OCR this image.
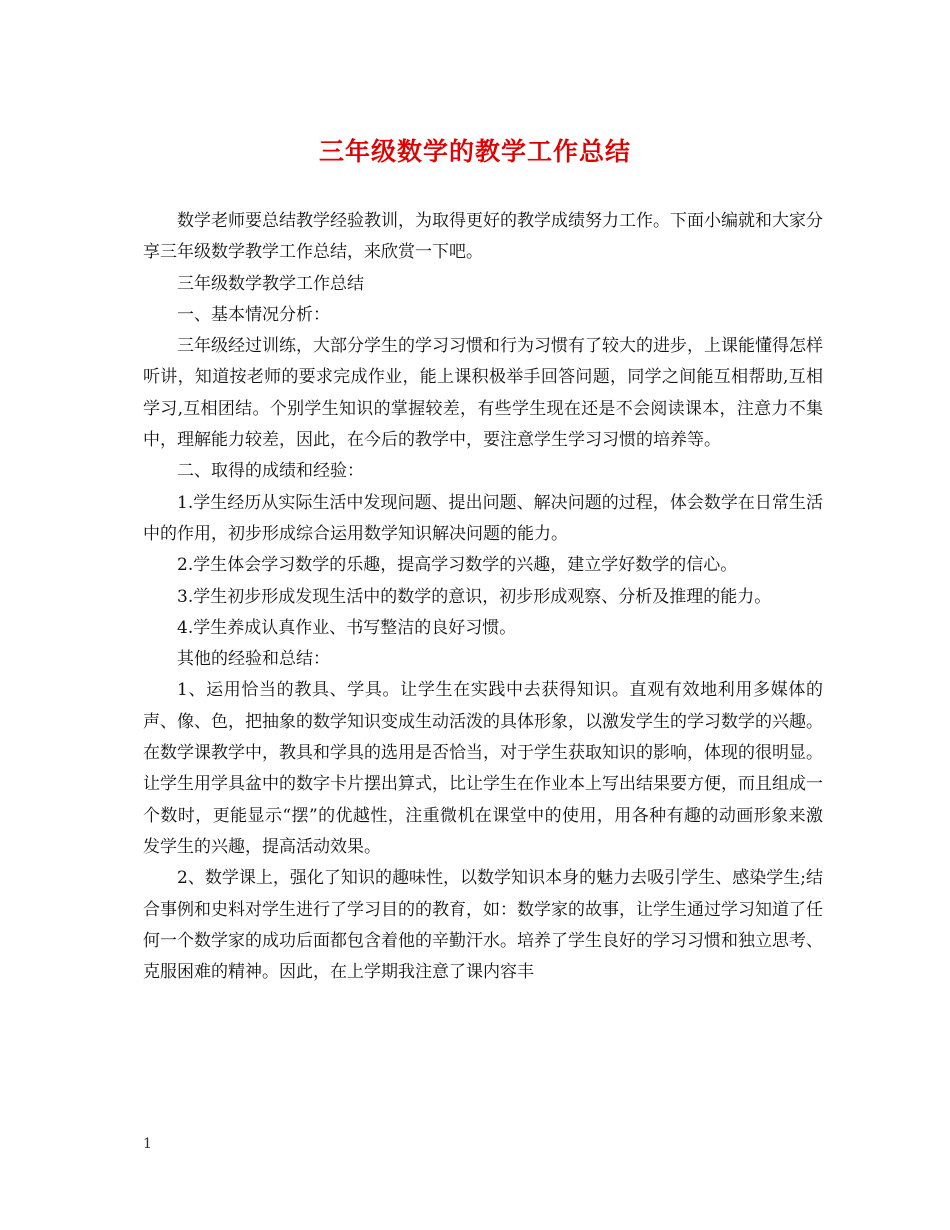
三年级数学的教学工作总结

数学老师要总结教学经验教训，为取得更好的教学成绩努力工作。下面小编就和大家分享三年级数学教学工作总结，来欣赏一下吧。

三年级数学教学工作总结

一、基本情况分析：

三年级经过训练，大部分学生的学习习惯和行为习惯有了较大的进步，上课能懂得怎样听讲，知道按老师的要求完成作业，能上课积极举手回答问题，同学之间能互相帮助,互相学习,互相团结。个别学生知识的掌握较差，有些学生现在还是不会阅读课本，注意力不集中，理解能力较差，因此，在今后的教学中，要注意学生学习习惯的培养等。

二、取得的成绩和经验：

1.学生经历从实际生活中发现问题、提出问题、解决问题的过程，体会数学在日常生活中的作用，初步形成综合运用数学知识解决问题的能力。

2.学生体会学习数学的乐趣，提高学习数学的兴趣，建立学好数学的信心。

3.学生初步形成发现生活中的数学的意识，初步形成观察、分析及推理的能力。

4.学生养成认真作业、书写整洁的良好习惯。

其他的经验和总结：

1、运用恰当的教具、学具。让学生在实践中去获得知识。直观有效地利用多媒体的声、像、色，把抽象的数学知识变成生动活泼的具体形象，以激发学生的学习数学的兴趣。在数学课教学中，教具和学具的选用是否恰当，对于学生获取知识的影响，体现的很明显。让学生用学具盆中的数字卡片摆出算式，比让学生在作业本上写出结果要方便，而且组成一个数时，更能显示“摆”的优越性，注重微机在课堂中的使用，用各种有趣的动画形象来激发学生的兴趣，提高活动效果。

2、数学课上，强化了知识的趣味性，以数学知识本身的魅力去吸引学生、感染学生;结合事例和史料对学生进行了学习目的的教育，如：数学家的故事，让学生通过学习知道了任何一个数学家的成功后面都包含着他的辛勤汗水。培养了学生良好的学习习惯和独立思考、克服困难的精神。因此，在上学期我注意了课内容丰

1
